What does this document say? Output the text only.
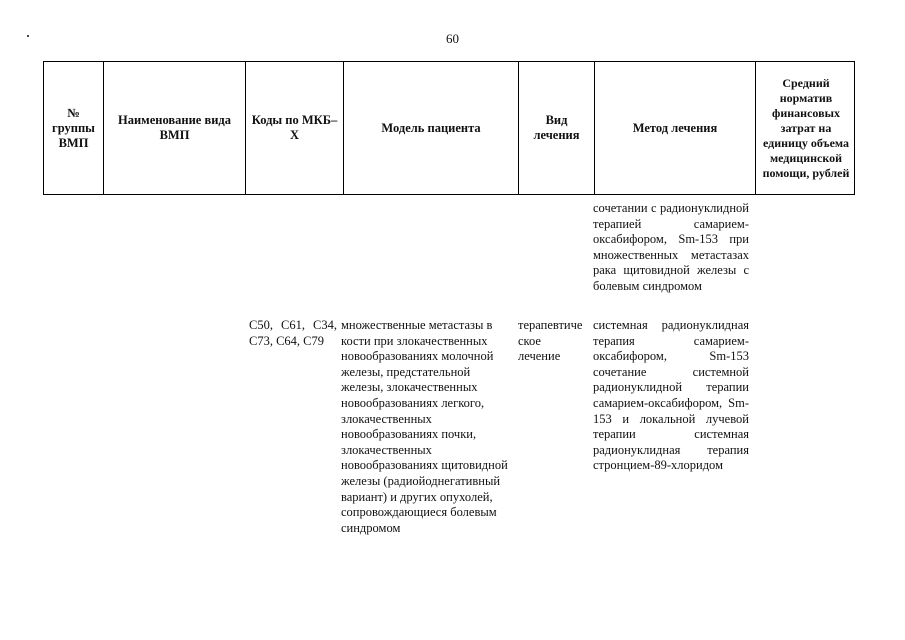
60
№ группы ВМП
Наименование вида ВМП
Коды по МКБ–Х
Модель пациента
Вид лечения
Метод лечения
Средний норматив финансовых затрат на единицу объема медицинской помощи, рублей
сочетании с радионуклидной терапией самарием- оксабифором, Sm-153 при множественных метастазах рака щитовидной железы с болевым синдромом
C50, C61, C34, C73, C64, C79
множественные метастазы в кости при злокачественных новообразованиях молочной железы, предстательной железы, злокачественных новообразованиях легкого, злокачественных новообразованиях почки, злокачественных новообразованиях щитовидной железы (радиойоднегативный вариант) и других опухолей, сопровождающиеся болевым синдромом
терапевтиче
ское
лечение
системная радионуклидная терапия самарием-оксабифором, Sm-153 сочетание системной радионуклидной терапии самарием-оксабифором, Sm-153 и локальной лучевой терапии системная радионуклидная терапия стронцием-89-хлоридом
